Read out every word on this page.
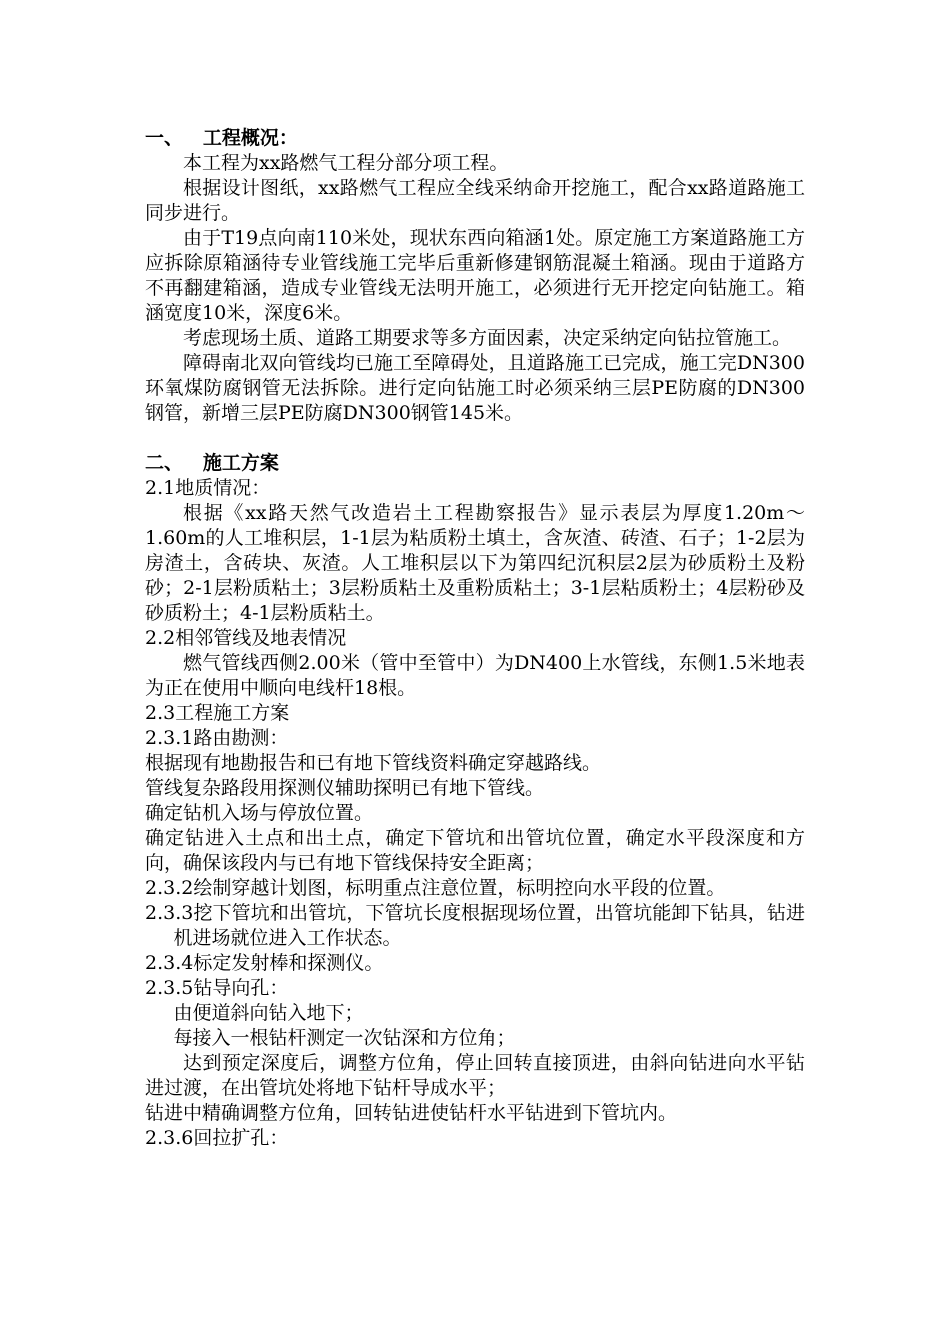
一、   工程概况：

本工程为xx路燃气工程分部分项工程。

根据设计图纸，xx路燃气工程应全线采纳命开挖施工，配合xx路道路施工同步进行。

由于T19点向南110米处，现状东西向箱涵1处。原定施工方案道路施工方应拆除原箱涵待专业管线施工完毕后重新修建钢筋混凝土箱涵。现由于道路方不再翻建箱涵，造成专业管线无法明开施工，必须进行无开挖定向钻施工。箱涵宽度10米，深度6米。

考虑现场土质、道路工期要求等多方面因素，决定采纳定向钻拉管施工。

障碍南北双向管线均已施工至障碍处，且道路施工已完成，施工完DN300环氧煤防腐钢管无法拆除。进行定向钻施工时必须采纳三层PE防腐的DN300钢管，新增三层PE防腐DN300钢管145米。

二、   施工方案

2.1地质情况：

根据《xx路天然气改造岩土工程勘察报告》显示表层为厚度1.20m～1.60m的人工堆积层，1-1层为粘质粉土填土，含灰渣、砖渣、石子；1-2层为房渣土，含砖块、灰渣。人工堆积层以下为第四纪沉积层2层为砂质粉土及粉砂；2-1层粉质粘土；3层粉质粘土及重粉质粘土；3-1层粘质粉土；4层粉砂及砂质粉土；4-1层粉质粘土。

2.2相邻管线及地表情况

燃气管线西侧2.00米（管中至管中）为DN400上水管线，东侧1.5米地表为正在使用中顺向电线杆18根。

2.3工程施工方案

2.3.1路由勘测：

根据现有地勘报告和已有地下管线资料确定穿越路线。

管线复杂路段用探测仪辅助探明已有地下管线。

确定钻机入场与停放位置。

确定钻进入土点和出土点，确定下管坑和出管坑位置，确定水平段深度和方向，确保该段内与已有地下管线保持安全距离；

2.3.2绘制穿越计划图，标明重点注意位置，标明控向水平段的位置。

2.3.3挖下管坑和出管坑，下管坑长度根据现场位置，出管坑能卸下钻具，钻进机进场就位进入工作状态。

2.3.4标定发射棒和探测仪。

2.3.5钻导向孔：

由便道斜向钻入地下；

每接入一根钻杆测定一次钻深和方位角；

达到预定深度后，调整方位角，停止回转直接顶进，由斜向钻进向水平钻进过渡，在出管坑处将地下钻杆导成水平；

钻进中精确调整方位角，回转钻进使钻杆水平钻进到下管坑内。

2.3.6回拉扩孔：
